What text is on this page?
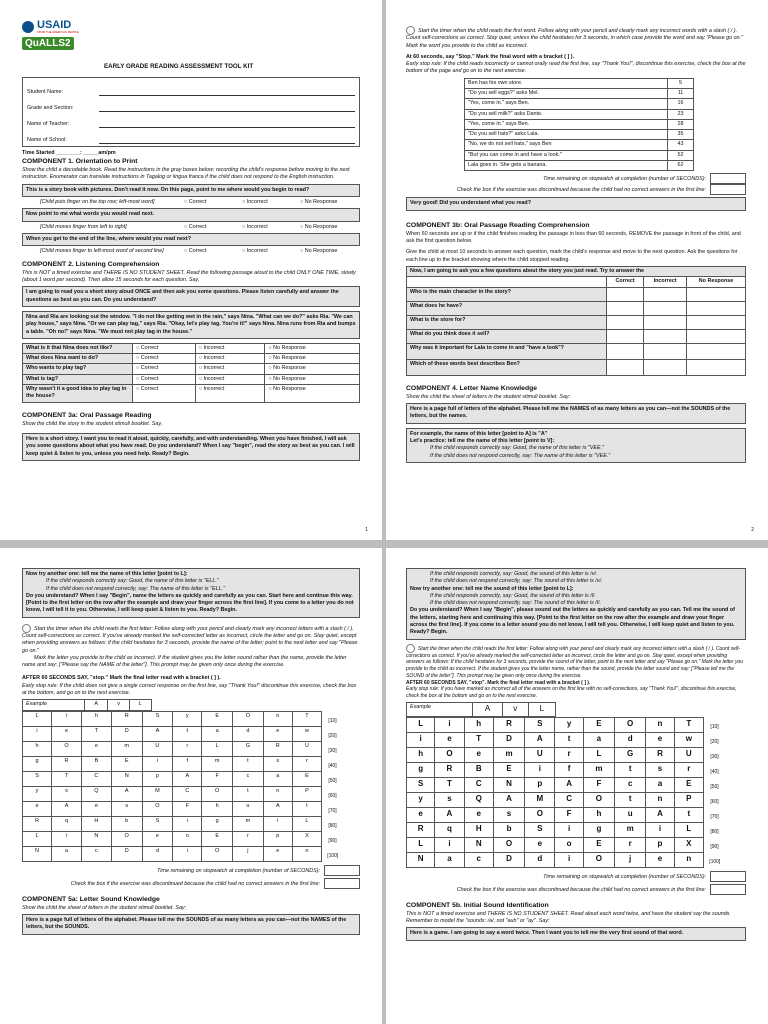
USAID
FROM THE AMERICAN PEOPLE
QuALLS2
EARLY GRADE READING ASSESSMENT TOOL KIT
Student Name:
Grade and Section:
Name of Teacher:
Name of School:
Time Started ________: _____am/pm
COMPONENT 1. Orientation to Print
Show the child a decodable book. Read the instructions in the gray boxes below; recording the child's response before moving to the next instruction. Enumerator can translate instructions in Tagalog or lingua franca if the child does not respond to the English instruction.
This is a story book with pictures. Don't read it now. On this page, point to me where would you begin to read?
[Child puts finger on the top row; left-most word]	○ Correct	○ Incorrect	○ No Response
Now point to me what words you would read next.
[Child moves finger from left to right]	○ Correct	○ Incorrect	○ No Response
When you get to the end of the line, where would you read next?
[Child moves finger to left-most word of second line]	○ Correct	○ Incorrect	○ No Response
COMPONENT 2. Listening Comprehension
This is NOT a timed exercise and THERE IS NO STUDENT SHEET. Read the following passage aloud to the child ONLY ONE TIME, slowly (about 1 word per second). Then allow 15 seconds for each question. Say,
I am going to read you a short story aloud ONCE and then ask you some questions. Please listen carefully and answer the questions as best as you can. Do you understand?
Nina and Ria are looking out the window. "I do not like getting wet in the rain," says Nina. "What can we do?" asks Ria. "We can play house," says Nina. "Or we can play tag," says Ria. "Okay, let's play tag. You're it!" says Nina. Nina runs from Ria and bumps a table. "Oh no!" says Nina. "We must not play tag in the house."
What is it that Nina does not like?	○ Correct	○ Incorrect	○ No Response
What does Nina want to do?	○ Correct	○ Incorrect	○ No Response
Who wants to play tag?	○ Correct	○ Incorrect	○ No Response
What is tag?	○ Correct	○ Incorrect	○ No Response
Why wasn't it a good idea to play tag in the house?	○ Correct	○ Incorrect	○ No Response
COMPONENT 3a: Oral Passage Reading
Show the child the story in the student stimuli booklet. Say,
Here is a short story. I want you to read it aloud, quickly, carefully, and with understanding. When you have finished, I will ask you some questions about what you have read. Do you understand? When I say "begin", read the story as best as you can. I will keep quiet & listen to you, unless you need help. Ready? Begin.
1
Start the timer when the child reads the first word. Follow along with your pencil and clearly mark any incorrect words with a slash ( / ). Count self-corrections as correct. Stay quiet, unless the child hesitates for 3 seconds, in which case provide the word and say "Please go on." Mark the word you provide to the child as incorrect.
At 60 seconds, say "Stop." Mark the final word with a bracket ( ] ).
Early stop rule: If the child reads incorrectly or cannot orally read the first line, say "Thank You!", discontinue this exercise, check the box at the bottom of the page and go on to the next exercise.
Ben has his own store.	5
"Do you sell eggs?" asks Mel.	11
"Yes, come in." says Ben.	16
"Do you sell milk?" asks Dante.	23
"Yes, come in." says Ben.	28
"Do you sell hats?" asks Lala.	35
"No, we do not sell hats," says Ben	43
"But you can come in and have a look."	52
Lala goes in. She gets a banana.	62
Time remaining on stopwatch at completion (number of SECONDS):
Check the box if the exercise was discontinued because the child had no correct answers in the first line:
Very good! Did you understand what you read?
COMPONENT 3b: Oral Passage Reading Comprehension
When 60 seconds are up or if the child finishes reading the passage in less than 60 seconds, REMOVE the passage in front of the child, and ask the first question below.
Give the child at most 10 seconds to answer each question, mark the child's response and move to the next question. Ask the questions for each line up to the bracket showing where the child stopped reading.
Now, I am going to ask you a few questions about the story you just read. Try to answer the			
	Correct	Incorrect	No Response
Who is the main character in the story?			
What does he have?			
What is the store for?			
What do you think does it sell?			
Why was it important for Lala to come in and "have a look"?			
Which of these words best describes Ben?			
COMPONENT 4. Letter Name Knowledge
Show the child the sheet of letters in the student stimuli booklet. Say:
Here is a page full of letters of the alphabet. Please tell me the NAMES of as many letters as you can—not the SOUNDS of the letters, but the names.
For example, the name of this letter [point to A] is "A"
Let's practice: tell me the name of this letter [point to V]:
If the child responds correctly say: Good, the name of this letter is "VEE."
If the child does not respond correctly, say: The name of this letter is "VEE."
2
Now try another one: tell me the name of this letter [point to L]:
If the child responds correctly say: Good, the name of this letter is "ELL."
If the child does not respond correctly, say: The name of this letter is "ELL."
Do you understand? When I say "Begin", name the letters as quickly and carefully as you can. Start here and continue this way. [Point to the first letter on the row after the example and draw your finger across the first line]. If you come to a letter you do not know, I will tell it to you. Otherwise, I will keep quiet & listen to you. Ready? Begin.
Start the timer when the child reads the first letter: Follow along with your pencil and clearly mark any incorrect letters with a slash ( / ). Count self-corrections as correct. If you've already marked the self-corrected letter as incorrect, circle the letter and go on. Stay quiet, except when providing answers as follows: if the child hesitates for 3 seconds, provide the name of the letter; point to the next letter and say "Please go on."
Mark the letter you provide to the child as incorrect. If the student gives you the letter sound rather than the name, provide the letter name and say: ["Please say the NAME of the letter"]. This prompt may be given only once during the exercise.
AFTER 60 SECONDS SAY, "stop." Mark the final letter read with a bracket ( ] ).
Early stop rule: If the child does not give a single correct response on the first line, say "Thank You!" discontinue this exercise, check the box at the bottom, and go on to the next exercise.
Example	A	v	L
L	i	h	R	S	y	E	O	n	T	[10]
i	e	T	D	A	t	a	d	e	w	[20]
h	O	e	m	U	r	L	G	R	U	[30]
g	R	B	E	i	f	m	t	s	r	[40]
S	T	C	N	p	A	F	c	a	E	[50]
y	s	Q	A	M	C	O	t	n	P	[60]
e	A	e	s	O	F	h	u	A	t	[70]
R	q	H	b	S	i	g	m	i	L	[80]
L	i	N	O	e	o	E	r	p	X	[90]
N	a	c	D	d	i	O	j	e	n	[100]
Time remaining on stopwatch at completion (number of SECONDS):
Check the box if the exercise was discontinued because the child had no correct answers in the first line:
COMPONENT 5a: Letter Sound Knowledge
Show the child the sheet of letters in the student stimuli booklet. Say:
Here is a page full of letters of the alphabet. Please tell me the SOUNDS of as many letters as you can—not the NAMES of the letters, but the SOUNDS.
If the child responds correctly, say: Good, the sound of this letter is /v/.
If the child does not respond correctly, say: The sound of this letter is /v/.
Now try another one: tell me the sound of this letter [point to L]:
If the child responds correctly, say: Good, the sound of this letter is /l/.
If the child does not respond correctly, say: The sound of this letter is /l/.
Do you understand? When I say "Begin", please sound out the letters as quickly and carefully as you can. Tell me the sound of the letters, starting here and continuing this way. [Point to the first letter on the row after the example and draw your finger across the first line]. If you come to a letter sound you do not know, I will tell you. Otherwise, I will keep quiet and listen to you. Ready? Begin.
Start the timer when the child reads the first letter: Follow along with your pencil and clearly mark any incorrect letters with a slash ( / ). Count self-corrections as correct. If you've already marked the self-corrected letter as incorrect, circle the letter and go on. Stay quiet, except when providing answers as follows: If the child hesitates for 3 seconds, provide the sound of the letter, point to the next letter and say "Please go on." Mark the letter you provide to the child as incorrect. If the student gives you the letter name, rather than the sound, provide the letter sound and say: ["Please tell me the SOUND of the letter"]. This prompt may be given only once during the exercise.
AFTER 60 SECONDS SAY, "stop". Mark the final letter read with a bracket ( ] ).
Early stop rule: If you have marked as incorrect all of the answers on the first line with no self-corrections, say "Thank You!", discontinue this exercise, check the box at the bottom and go on to the next exercise.
Example	A	v	L
L	i	h	R	S	y	E	O	n	T	[10]
i	e	T	D	A	t	a	d	e	w	[20]
h	O	e	m	U	r	L	G	R	U	[30]
g	R	B	E	i	f	m	t	s	r	[40]
S	T	C	N	p	A	F	c	a	E	[50]
y	s	Q	A	M	C	O	t	n	P	[60]
e	A	e	s	O	F	h	u	A	t	[70]
R	q	H	b	S	i	g	m	i	L	[80]
L	i	N	O	e	o	E	r	p	X	[90]
N	a	c	D	d	i	O	j	e	n	[100]
Time remaining on stopwatch at completion (number of SECONDS):
Check the box if the exercise was discontinued because the child had no correct answers in the first line:
COMPONENT 5b. Initial Sound Identification
This is NOT a timed exercise and THERE IS NO STUDENT SHEET. Read aloud each word twice, and have the student say the sounds. Remember to model the "sounds: /a/, not "auh" or "ay". Say:
Here is a game. I am going to say a word twice. Then I want you to tell me the very first sound of that word.
